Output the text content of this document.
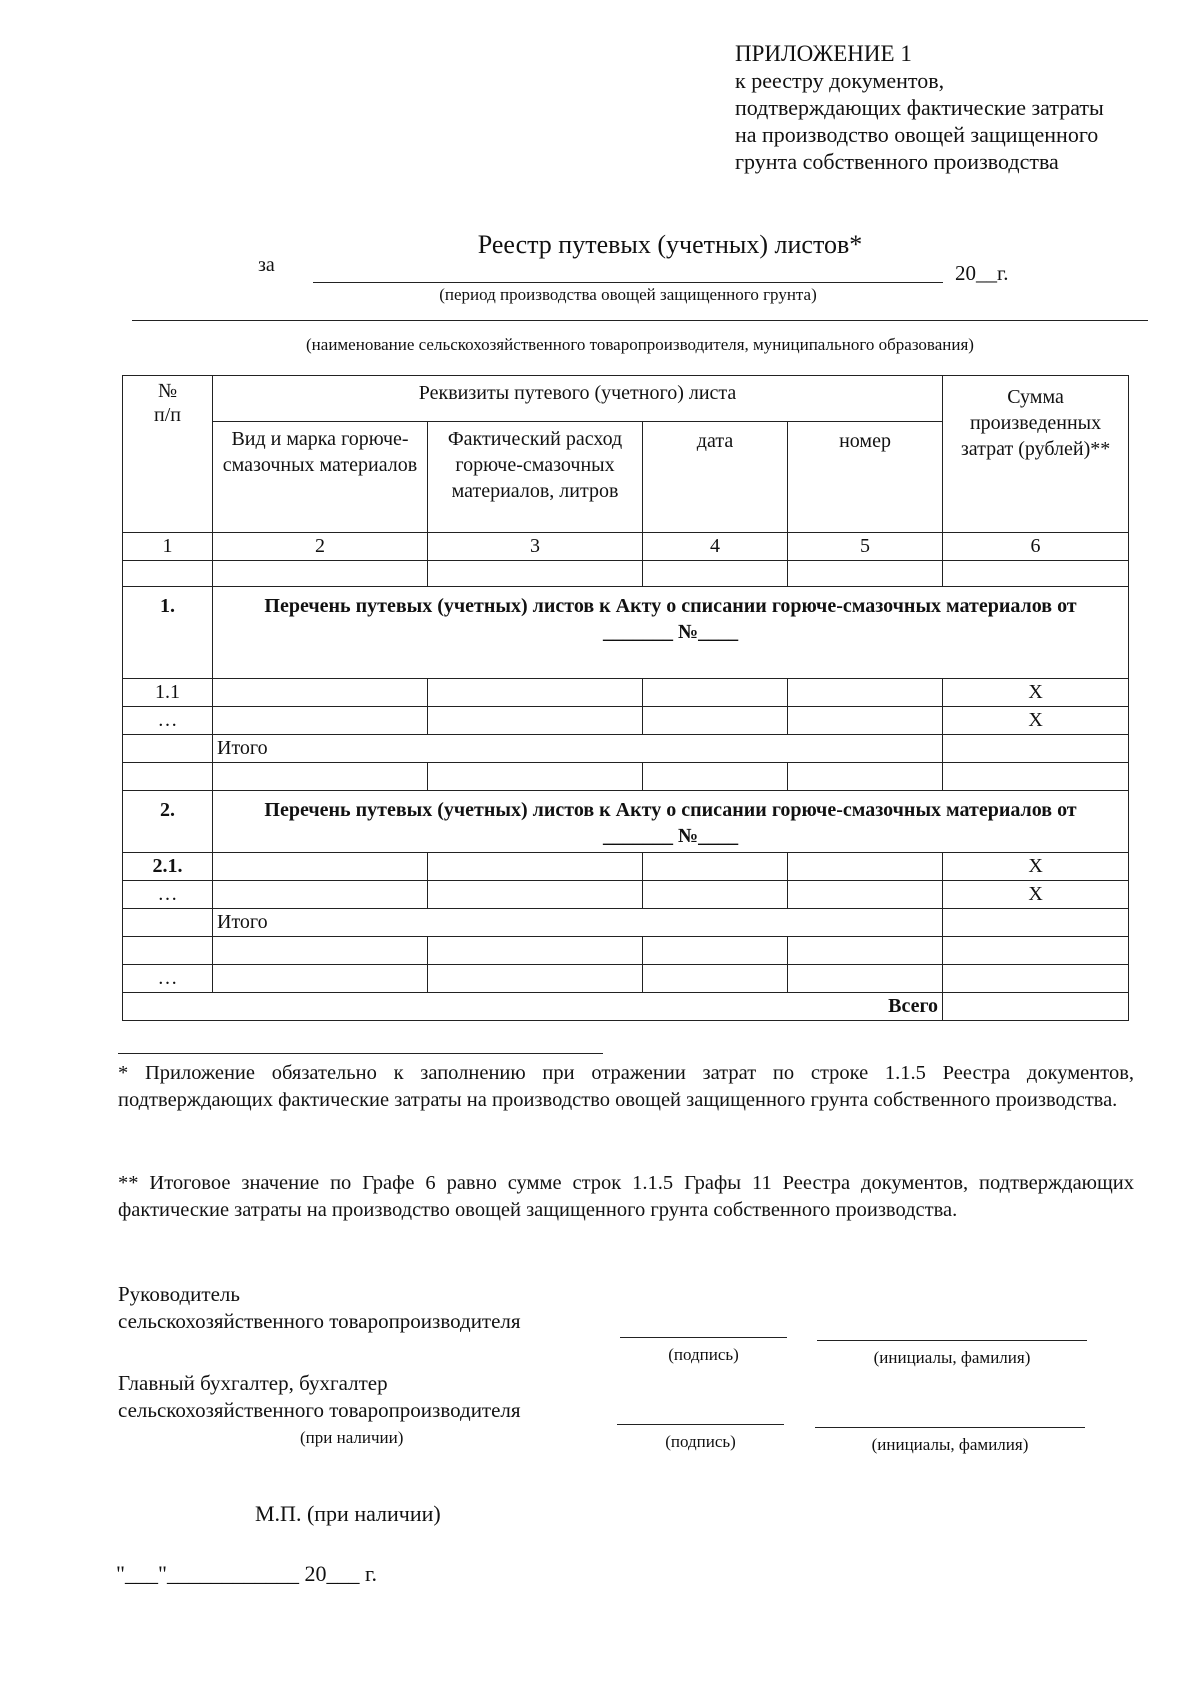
ПРИЛОЖЕНИЕ 1
к реестру документов,
подтверждающих фактические затраты
на производство овощей защищенного
грунта собственного производства
Реестр путевых (учетных) листов*
за	20__г.
(период производства овощей защищенного грунта)
(наименование сельскохозяйственного товаропроизводителя, муниципального образования)
№ п/п	Реквизиты путевого (учетного) листа				Сумма произведенных затрат (рублей)**
	Вид и марка горюче-смазочных материалов	Фактический расход горюче-смазочных материалов, литров	дата	номер	
1	2	3	4	5	6

1.	Перечень путевых (учетных) листов к Акту о списании горюче-смазочных материалов от _______ №____				
1.1					X
…					X
	Итого				

2.	Перечень путевых (учетных) листов к Акту о списании горюче-смазочных материалов от _______ №____				
2.1.					X
…					X
	Итого				

…					
Всего					
* Приложение обязательно к заполнению при отражении затрат по строке 1.1.5 Реестра документов, подтверждающих фактические затраты на производство овощей защищенного грунта собственного производства.
** Итоговое значение по Графе 6 равно сумме строк 1.1.5 Графы 11 Реестра документов, подтверждающих фактические затраты на производство овощей защищенного грунта собственного производства.
Руководитель
сельскохозяйственного товаропроизводителя
(подпись)	(инициалы, фамилия)
Главный бухгалтер, бухгалтер
сельскохозяйственного товаропроизводителя
(при наличии)	(подпись)	(инициалы, фамилия)
М.П. (при наличии)
"___"____________ 20___ г.
